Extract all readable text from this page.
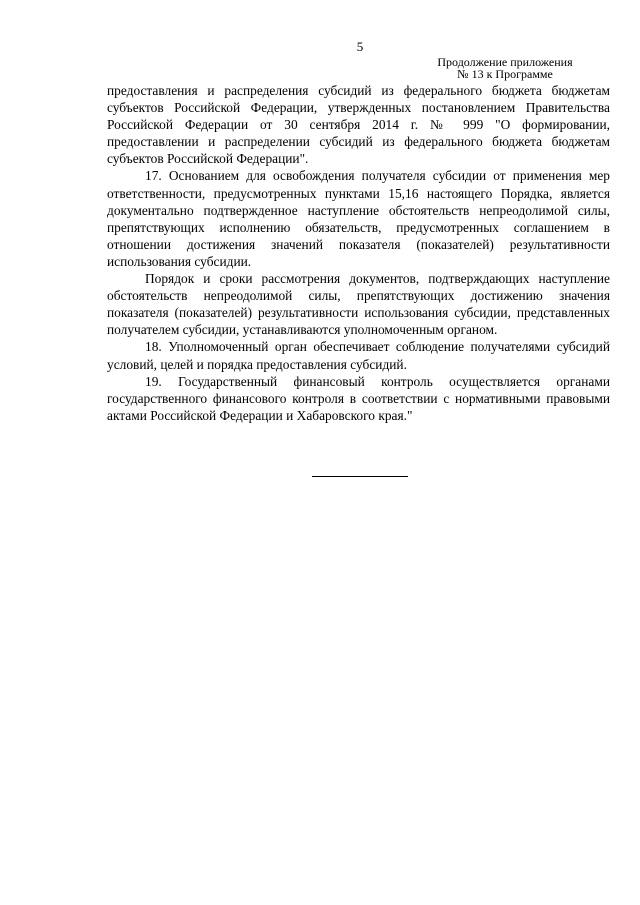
5
Продолжение приложения
№ 13 к Программе

предоставления и распределения субсидий из федерального бюджета бюджетам субъектов Российской Федерации, утвержденных постановлением Правительства Российской Федерации от 30 сентября 2014 г. № 999 "О формировании, предоставлении и распределении субсидий из федерального бюджета бюджетам субъектов Российской Федерации".

17. Основанием для освобождения получателя субсидии от применения мер ответственности, предусмотренных пунктами 15,16 настоящего Порядка, является документально подтвержденное наступление обстоятельств непреодолимой силы, препятствующих исполнению обязательств, предусмотренных соглашением в отношении достижения значений показателя (показателей) результативности использования субсидии.

Порядок и сроки рассмотрения документов, подтверждающих наступление обстоятельств непреодолимой силы, препятствующих достижению значения показателя (показателей) результативности использования субсидии, представленных получателем субсидии, устанавливаются уполномоченным органом.

18. Уполномоченный орган обеспечивает соблюдение получателями субсидий условий, целей и порядка предоставления субсидий.

19. Государственный финансовый контроль осуществляется органами государственного финансового контроля в соответствии с нормативными правовыми актами Российской Федерации и Хабаровского края."
